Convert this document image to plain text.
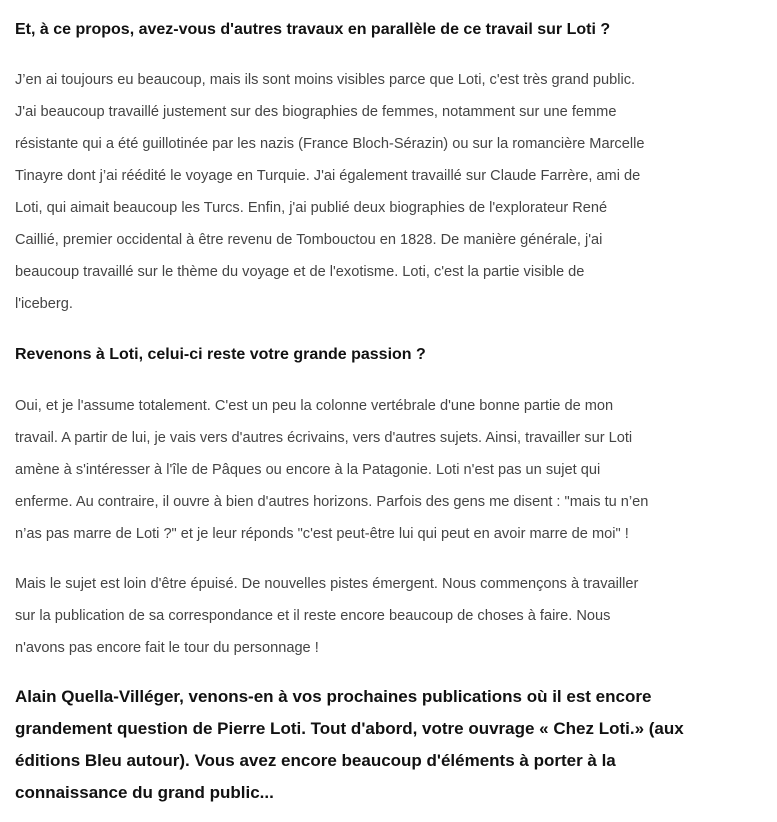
Et, à ce propos, avez-vous d'autres travaux en parallèle de ce travail sur Loti ?
J’en ai toujours eu beaucoup, mais ils sont moins visibles parce que Loti, c'est très grand public.
J'ai beaucoup travaillé justement sur des biographies de femmes, notamment sur une femme
résistante qui a été guillotinée par les nazis (France Bloch-Sérazin) ou sur la romancière Marcelle
Tinayre dont j’ai réédité le voyage en Turquie. J'ai également travaillé sur Claude Farrère, ami de
Loti, qui aimait beaucoup les Turcs. Enfin, j'ai publié deux biographies de l'explorateur René
Caillié, premier occidental à être revenu de Tombouctou en 1828. De manière générale, j'ai
beaucoup travaillé sur le thème du voyage et de l'exotisme. Loti, c'est la partie visible de
l'iceberg.
Revenons à Loti, celui-ci reste votre grande passion ?
Oui, et je l'assume totalement. C'est un peu la colonne vertébrale d'une bonne partie de mon
travail. A partir de lui, je vais vers d'autres écrivains, vers d'autres sujets. Ainsi, travailler sur Loti
amène à s'intéresser à l'île de Pâques ou encore à la Patagonie. Loti n'est pas un sujet qui
enferme. Au contraire, il ouvre à bien d'autres horizons. Parfois des gens me disent : "mais tu n’en
n’as pas marre de Loti ?" et je leur réponds "c'est peut-être lui qui peut en avoir marre de moi" !
Mais le sujet est loin d'être épuisé. De nouvelles pistes émergent. Nous commençons à travailler
sur la publication de sa correspondance et il reste encore beaucoup de choses à faire. Nous
n'avons pas encore fait le tour du personnage !
Alain Quella-Villéger, venons-en à vos prochaines publications où il est encore
grandement question de Pierre Loti. Tout d'abord, votre ouvrage « Chez Loti.» (aux
éditions Bleu autour). Vous avez encore beaucoup d'éléments à porter à la
connaissance du grand public...
